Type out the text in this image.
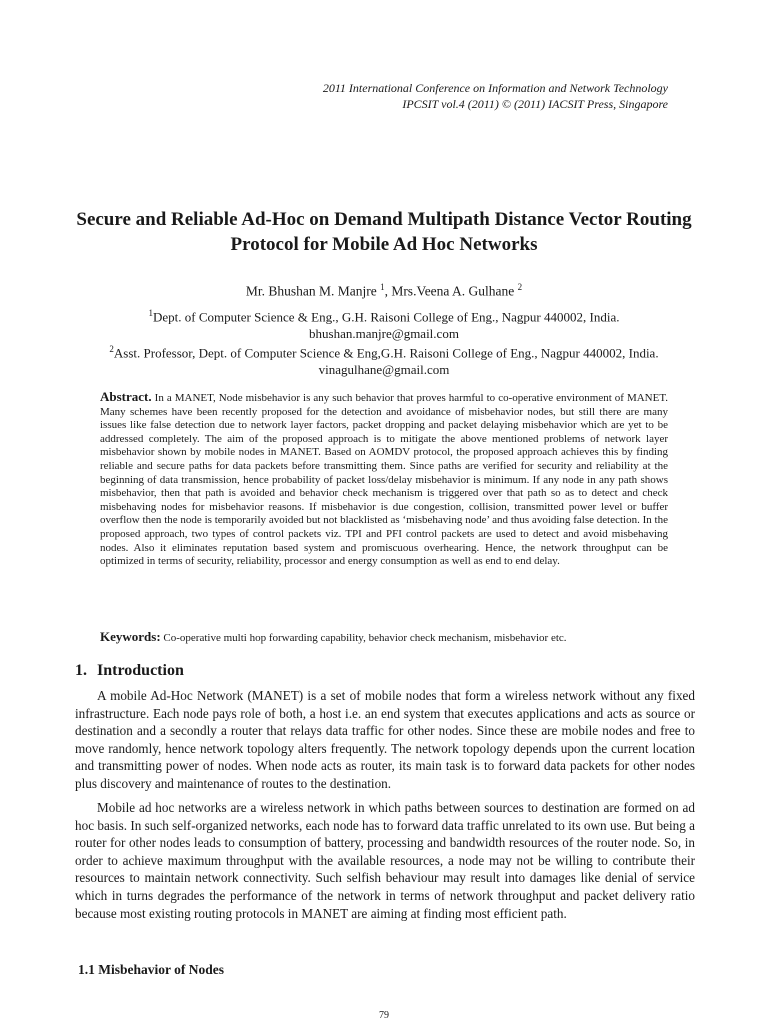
2011 International Conference on Information and Network Technology
IPCSIT vol.4 (2011) © (2011) IACSIT Press, Singapore
Secure and Reliable Ad-Hoc on Demand Multipath Distance Vector Routing Protocol for Mobile Ad Hoc Networks
Mr. Bhushan M. Manjre $^1$, Mrs.Veena A. Gulhane $^2$
$^1$Dept. of Computer Science & Eng., G.H. Raisoni College of Eng., Nagpur 440002, India.
bhushan.manjre@gmail.com
$^2$Asst. Professor, Dept. of Computer Science & Eng,G.H. Raisoni College of Eng., Nagpur 440002, India.
vinagulhane@gmail.com
Abstract. In a MANET, Node misbehavior is any such behavior that proves harmful to co-operative environment of MANET. Many schemes have been recently proposed for the detection and avoidance of misbehavior nodes, but still there are many issues like false detection due to network layer factors, packet dropping and packet delaying misbehavior which are yet to be addressed completely. The aim of the proposed approach is to mitigate the above mentioned problems of network layer misbehavior shown by mobile nodes in MANET. Based on AOMDV protocol, the proposed approach achieves this by finding reliable and secure paths for data packets before transmitting them. Since paths are verified for security and reliability at the beginning of data transmission, hence probability of packet loss/delay misbehavior is minimum. If any node in any path shows misbehavior, then that path is avoided and behavior check mechanism is triggered over that path so as to detect and check misbehaving nodes for misbehavior reasons. If misbehavior is due congestion, collision, transmitted power level or buffer overflow then the node is temporarily avoided but not blacklisted as ‘misbehaving node’ and thus avoiding false detection. In the proposed approach, two types of control packets viz. TPI and PFI control packets are used to detect and avoid misbehaving nodes. Also it eliminates reputation based system and promiscuous overhearing. Hence, the network throughput can be optimized in terms of security, reliability, processor and energy consumption as well as end to end delay.
Keywords: Co-operative multi hop forwarding capability, behavior check mechanism, misbehavior etc.
1. Introduction

A mobile Ad-Hoc Network (MANET) is a set of mobile nodes that form a wireless network without any fixed infrastructure. Each node pays role of both, a host i.e. an end system that executes applications and acts as source or destination and a secondly a router that relays data traffic for other nodes. Since these are mobile nodes and free to move randomly, hence network topology alters frequently. The network topology depends upon the current location and transmitting power of nodes. When node acts as router, its main task is to forward data packets for other nodes plus discovery and maintenance of routes to the destination.

Mobile ad hoc networks are a wireless network in which paths between sources to destination are formed on ad hoc basis. In such self-organized networks, each node has to forward data traffic unrelated to its own use. But being a router for other nodes leads to consumption of battery, processing and bandwidth resources of the router node. So, in order to achieve maximum throughput with the available resources, a node may not be willing to contribute their resources to maintain network connectivity. Such selfish behaviour may result into damages like denial of service which in turns degrades the performance of the network in terms of network throughput and packet delivery ratio because most existing routing protocols in MANET are aiming at finding most efficient path.

1.1 Misbehavior of Nodes
79
